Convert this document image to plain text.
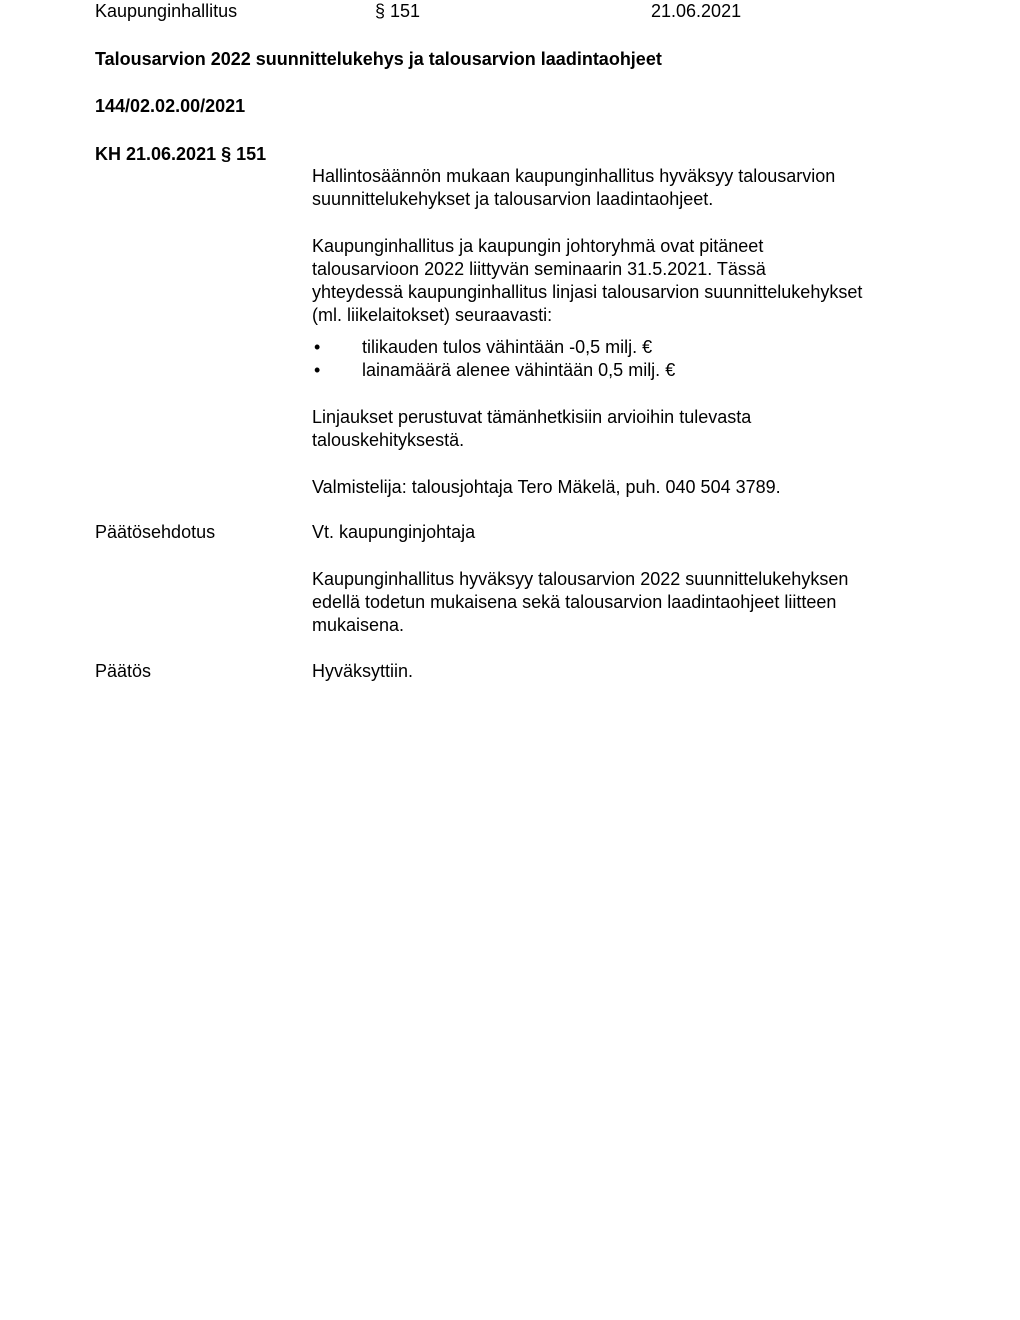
Kaupunginhallitus	§ 151	21.06.2021
Talousarvion 2022 suunnittelukehys ja talousarvion laadintaohjeet
144/02.02.00/2021
KH 21.06.2021 § 151
Hallintosäännön mukaan kaupunginhallitus hyväksyy talousarvion
suunnittelukehykset ja talousarvion laadintaohjeet.
Kaupunginhallitus ja kaupungin johtoryhmä ovat pitäneet
talousarvioon 2022 liittyvän seminaarin 31.5.2021. Tässä
yhteydessä kaupunginhallitus linjasi talousarvion suunnittelukehykset
(ml. liikelaitokset) seuraavasti:
• tilikauden tulos vähintään -0,5 milj. €
• lainamäärä alenee vähintään 0,5 milj. €
Linjaukset perustuvat tämänhetkisiin arvioihin tulevasta
talouskehityksestä.
Valmistelija: talousjohtaja Tero Mäkelä, puh. 040 504 3789.
Päätösehdotus	Vt. kaupunginjohtaja
Kaupunginhallitus hyväksyy talousarvion 2022 suunnittelukehyksen
edellä todetun mukaisena sekä talousarvion laadintaohjeet liitteen
mukaisena.
Päätös	Hyväksyttiin.
